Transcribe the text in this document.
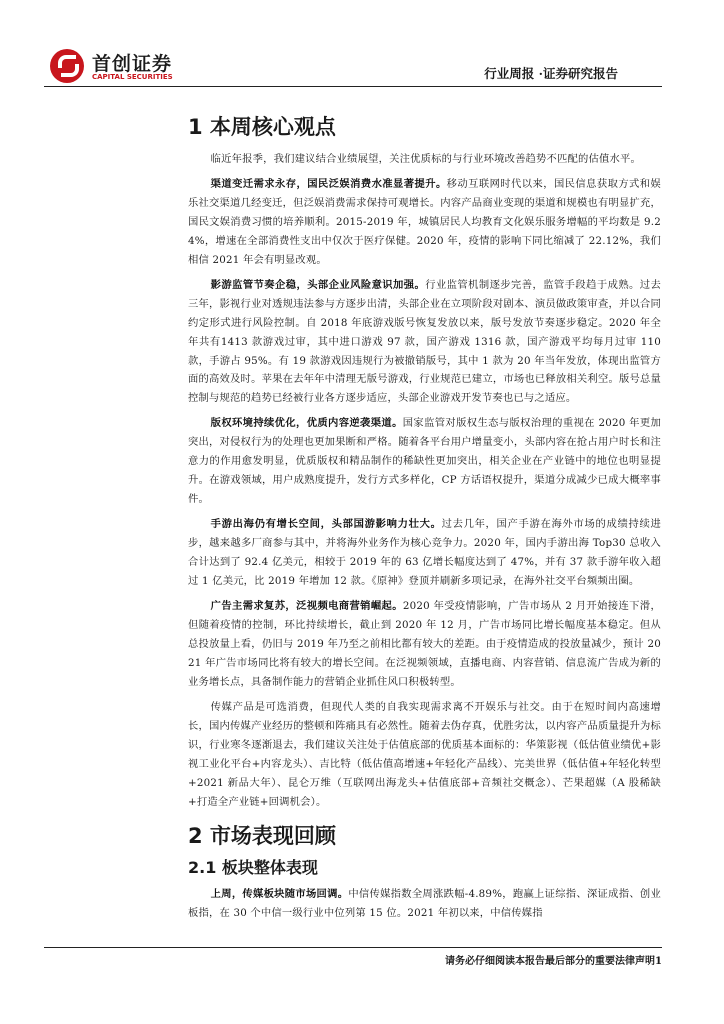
首创证券
CAPITAL SECURITIES	行业周报 ·证券研究报告
1 本周核心观点

临近年报季，我们建议结合业绩展望，关注优质标的与行业环境改善趋势不匹配的估值水平。

渠道变迁需求永存，国民泛娱消费水准显著提升。移动互联网时代以来，国民信息获取方式和娱乐社交渠道几经变迁，但泛娱消费需求保持可观增长。内容产品商业变现的渠道和规模也有明显扩充，国民文娱消费习惯的培养顺利。2015-2019 年，城镇居民人均教育文化娱乐服务增幅的平均数是 9.24%，增速在全部消费性支出中仅次于医疗保健。2020 年，疫情的影响下同比缩减了 22.12%，我们相信 2021 年会有明显改观。

影游监管节奏企稳，头部企业风险意识加强。行业监管机制逐步完善，监管手段趋于成熟。过去三年，影视行业对透规违法参与方逐步出清，头部企业在立项阶段对剧本、演员做政策审查，并以合同约定形式进行风险控制。自 2018 年底游戏版号恢复发放以来，版号发放节奏逐步稳定。2020 年全年共有1413 款游戏过审，其中进口游戏 97 款，国产游戏 1316 款，国产游戏平均每月过审 110 款，手游占 95%。有 19 款游戏因违规行为被撤销版号，其中 1 款为 20 年当年发放，体现出监管方面的高效及时。苹果在去年年中清理无版号游戏，行业规范已建立，市场也已释放相关利空。版号总量控制与规范的趋势已经被行业各方逐步适应，头部企业游戏开发节奏也已与之适应。

版权环境持续优化，优质内容逆袭渠道。国家监管对版权生态与版权治理的重视在 2020 年更加突出，对侵权行为的处理也更加果断和严格。随着各平台用户增量变小，头部内容在抢占用户时长和注意力的作用愈发明显，优质版权和精品制作的稀缺性更加突出，相关企业在产业链中的地位也明显提升。在游戏领域，用户成熟度提升，发行方式多样化，CP 方话语权提升，渠道分成减少已成大概率事件。

手游出海仍有增长空间，头部国游影响力壮大。过去几年，国产手游在海外市场的成绩持续进步，越来越多厂商参与其中，并将海外业务作为核心竞争力。2020 年，国内手游出海 Top30 总收入合计达到了 92.4 亿美元，相较于 2019 年的 63 亿增长幅度达到了 47%，并有 37 款手游年收入超过 1 亿美元，比 2019 年增加 12 款。《原神》登顶并刷新多项记录，在海外社交平台频频出圈。

广告主需求复苏，泛视频电商营销崛起。2020 年受疫情影响，广告市场从 2 月开始接连下滑，但随着疫情的控制，环比持续增长，截止到 2020 年 12 月，广告市场同比增长幅度基本稳定。但从总投放量上看，仍旧与 2019 年乃至之前相比都有较大的差距。由于疫情造成的投放量减少，预计 2021 年广告市场同比将有较大的增长空间。在泛视频领域，直播电商、内容营销、信息流广告成为新的业务增长点，具备制作能力的营销企业抓住风口积极转型。

传媒产品是可选消费，但现代人类的自我实现需求离不开娱乐与社交。由于在短时间内高速增长，国内传媒产业经历的整顿和阵痛具有必然性。随着去伪存真，优胜劣汰，以内容产品质量提升为标识，行业寒冬逐渐退去，我们建议关注处于估值底部的优质基本面标的：华策影视（低估值业绩优+影视工业化平台+内容龙头）、吉比特（低估值高增速+年轻化产品线）、完美世界（低估值+年轻化转型+2021 新品大年）、昆仑万维（互联网出海龙头+估值底部+音频社交概念）、芒果超媒（A 股稀缺+打造全产业链+回调机会）。

2 市场表现回顾
2.1 板块整体表现

上周，传媒板块随市场回调。中信传媒指数全周涨跌幅-4.89%，跑赢上证综指、深证成指、创业板指，在 30 个中信一级行业中位列第 15 位。2021 年初以来，中信传媒指

请务必仔细阅读本报告最后部分的重要法律声明1
